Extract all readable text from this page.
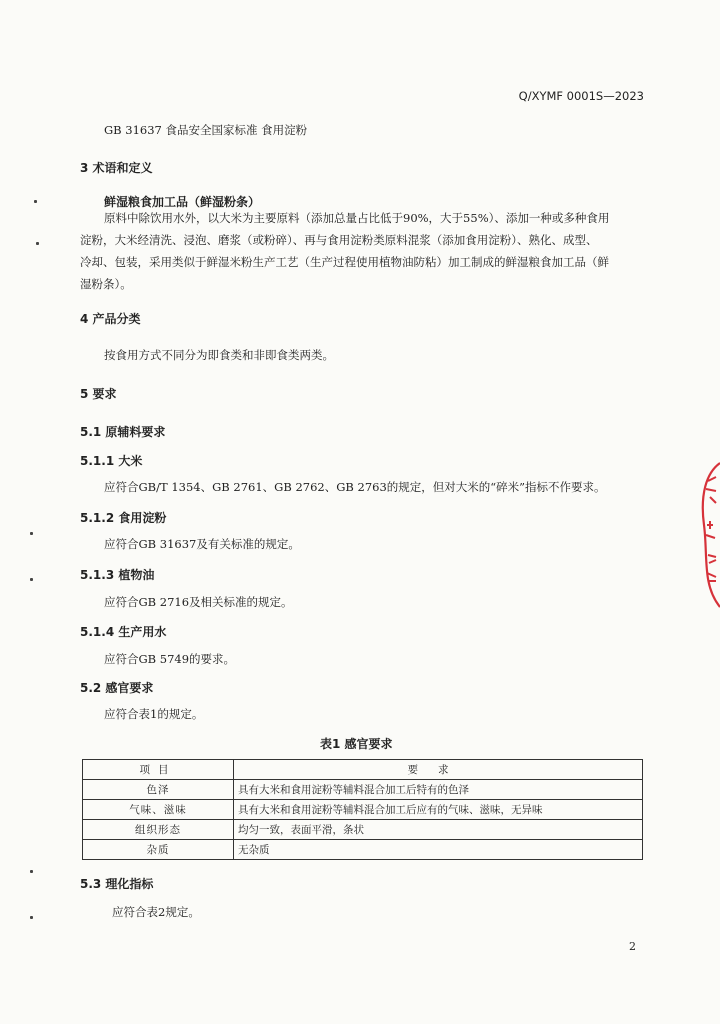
Q/XYMF 0001S—2023
GB 31637 食品安全国家标准 食用淀粉
3 术语和定义
鲜湿粮食加工品（鲜湿粉条）
原料中除饮用水外，以大米为主要原料（添加总量占比低于90%，大于55%）、添加一种或多种食用
淀粉，大米经清洗、浸泡、磨浆（或粉碎）、再与食用淀粉类原料混浆（添加食用淀粉）、熟化、成型、
冷却、包装，采用类似于鲜湿米粉生产工艺（生产过程使用植物油防粘）加工制成的鲜湿粮食加工品（鲜
湿粉条）。
4 产品分类
按食用方式不同分为即食类和非即食类两类。
5 要求
5.1 原辅料要求
5.1.1 大米
应符合GB/T 1354、GB 2761、GB 2762、GB 2763的规定，但对大米的“碎米”指标不作要求。
5.1.2 食用淀粉
应符合GB 31637及有关标准的规定。
5.1.3 植物油
应符合GB 2716及相关标准的规定。
5.1.4 生产用水
应符合GB 5749的要求。
5.2 感官要求
应符合表1的规定。
表1 感官要求
项目	要求
色泽	具有大米和食用淀粉等辅料混合加工后特有的色泽
气味、滋味	具有大米和食用淀粉等辅料混合加工后应有的气味、滋味，无异味
组织形态	均匀一致，表面平滑，条状
杂质	无杂质
5.3 理化指标
应符合表2规定。
2
